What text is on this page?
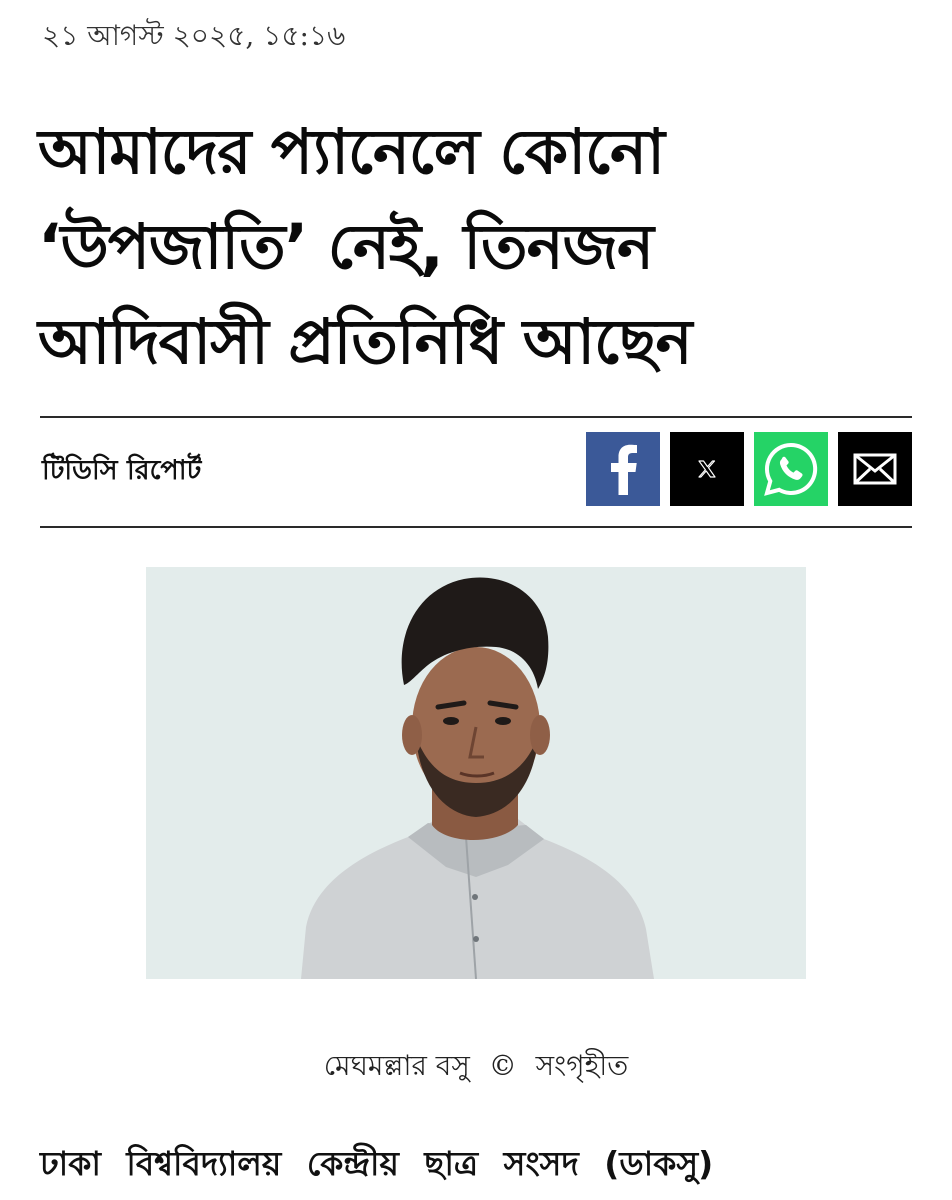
২১ আগস্ট ২০২৫, ১৫:১৬
আমাদের প্যানেলে কোনো
‘উপজাতি’ নেই, তিনজন
আদিবাসী প্রতিনিধি আছেন
টিডিসি রিপোর্ট
মেঘমল্লার বসু © সংগৃহীত
ঢাকা বিশ্ববিদ্যালয় কেন্দ্রীয় ছাত্র সংসদ (ডাকসু)
